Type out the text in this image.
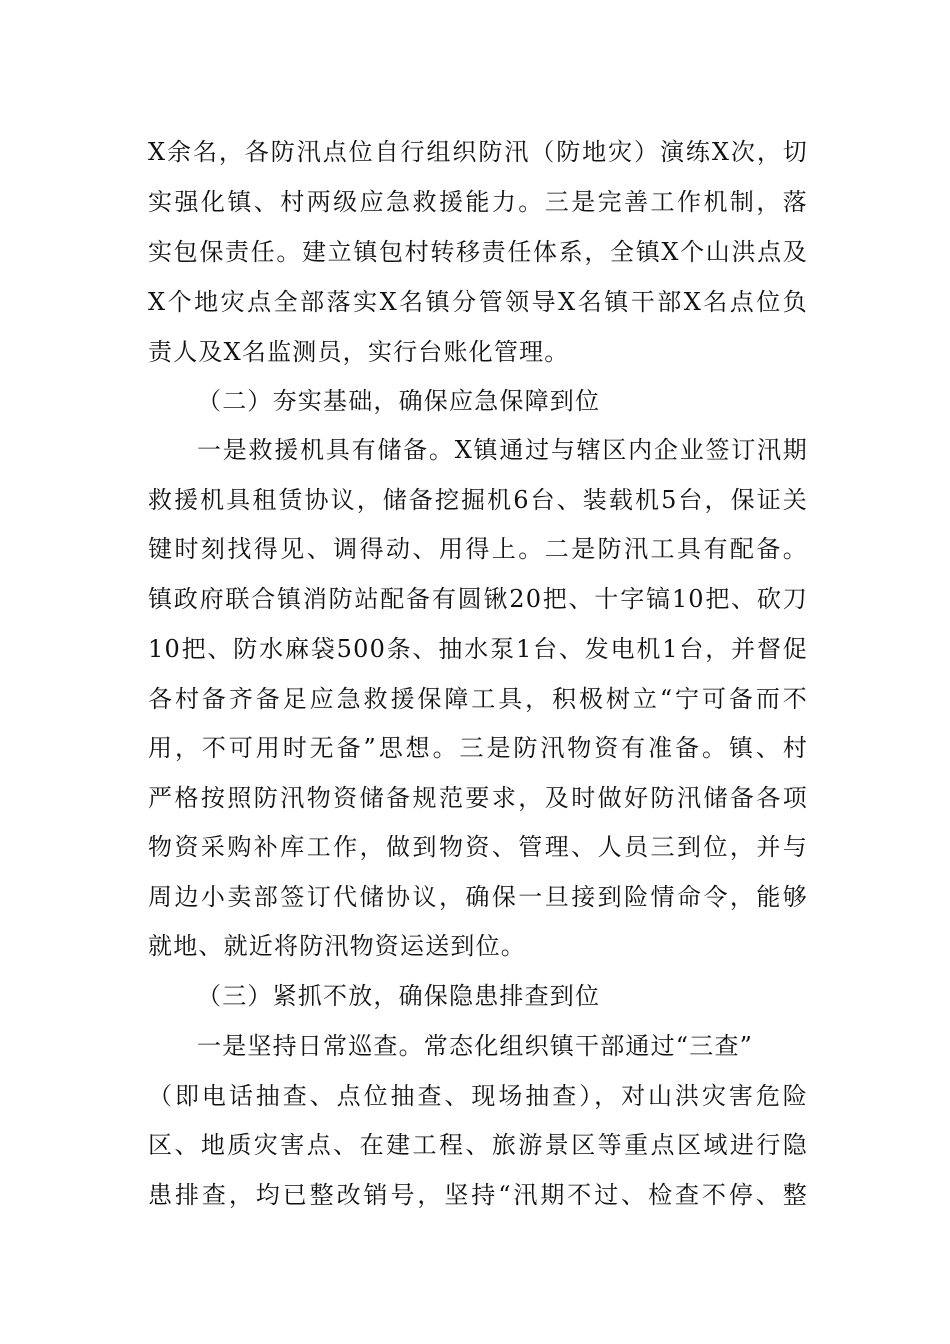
X余名，各防汛点位自行组织防汛（防地灾）演练X次，切
实强化镇、村两级应急救援能力。三是完善工作机制，落
实包保责任。建立镇包村转移责任体系，全镇X个山洪点及
X个地灾点全部落实X名镇分管领导X名镇干部X名点位负
责人及X名监测员，实行台账化管理。
（二）夯实基础，确保应急保障到位
一是救援机具有储备。X镇通过与辖区内企业签订汛期
救援机具租赁协议，储备挖掘机6台、装载机5台，保证关
键时刻找得见、调得动、用得上。二是防汛工具有配备。
镇政府联合镇消防站配备有圆锹20把、十字镐10把、砍刀
10把、防水麻袋500条、抽水泵1台、发电机1台，并督促
各村备齐备足应急救援保障工具，积极树立“宁可备而不
用，不可用时无备”思想。三是防汛物资有准备。镇、村
严格按照防汛物资储备规范要求，及时做好防汛储备各项
物资采购补库工作，做到物资、管理、人员三到位，并与
周边小卖部签订代储协议，确保一旦接到险情命令，能够
就地、就近将防汛物资运送到位。
（三）紧抓不放，确保隐患排查到位
一是坚持日常巡查。常态化组织镇干部通过“三查”
（即电话抽查、点位抽查、现场抽查），对山洪灾害危险
区、地质灾害点、在建工程、旅游景区等重点区域进行隐
患排查，均已整改销号，坚持“汛期不过、检查不停、整
